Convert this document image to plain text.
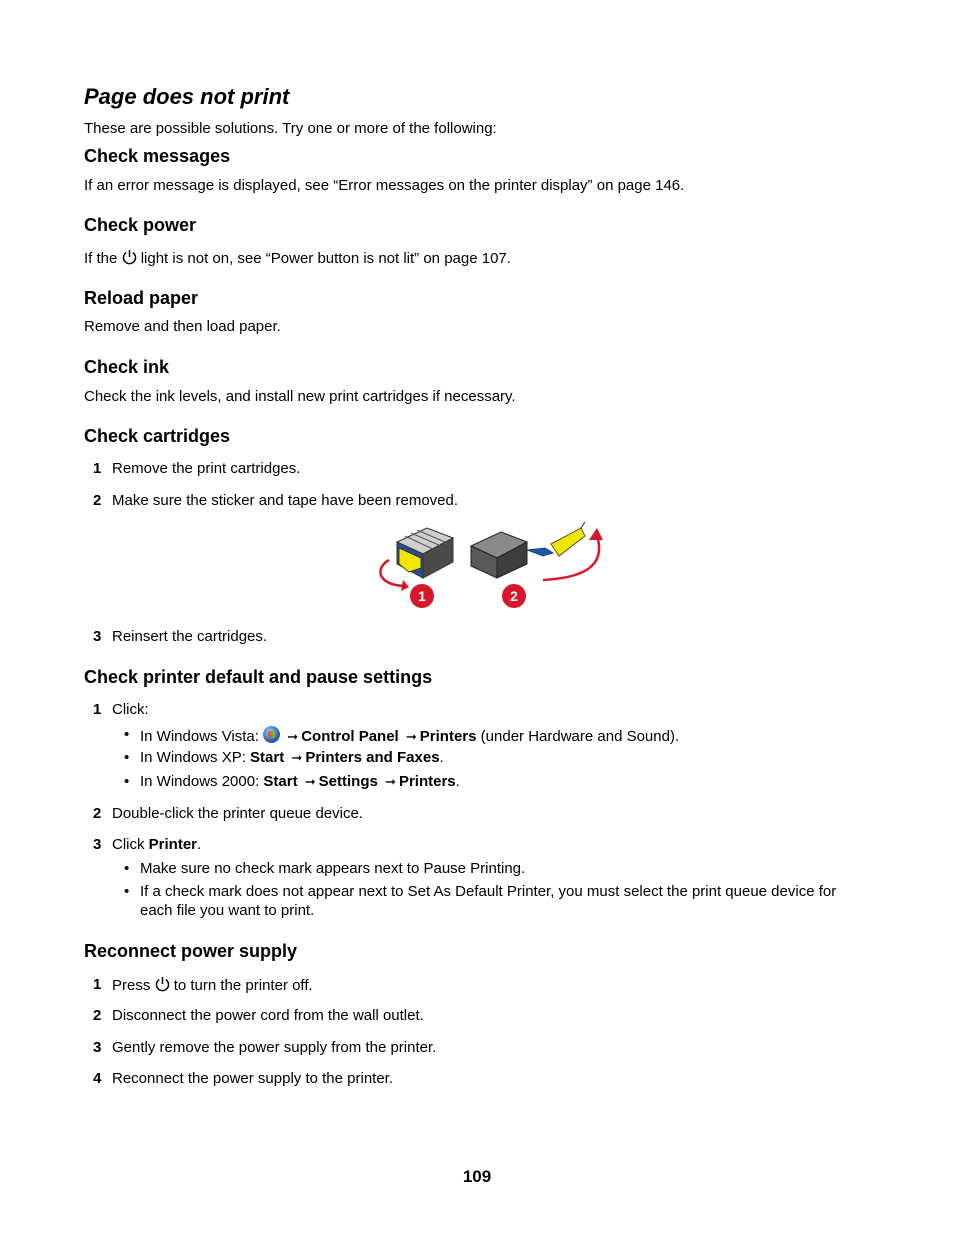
Page does not print

These are possible solutions. Try one or more of the following:

Check messages

If an error message is displayed, see “Error messages on the printer display” on page 146.

Check power

If the light is not on, see “Power button is not lit” on page 107.

Reload paper

Remove and then load paper.

Check ink

Check the ink levels, and install new print cartridges if necessary.

Check cartridges
1 Remove the print cartridges.
2 Make sure the sticker and tape have been removed.
1	2
3 Reinsert the cartridges.
Check printer default and pause settings
1 Click:
• In Windows Vista: ➞ Control Panel ➞ Printers (under Hardware and Sound).
• In Windows XP: Start ➞ Printers and Faxes.
• In Windows 2000: Start ➞ Settings ➞ Printers.
2 Double-click the printer queue device.
3 Click Printer.
• Make sure no check mark appears next to Pause Printing.
• If a check mark does not appear next to Set As Default Printer, you must select the print queue device for each file you want to print.
Reconnect power supply
1 Press to turn the printer off.
2 Disconnect the power cord from the wall outlet.
3 Gently remove the power supply from the printer.
4 Reconnect the power supply to the printer.
109
